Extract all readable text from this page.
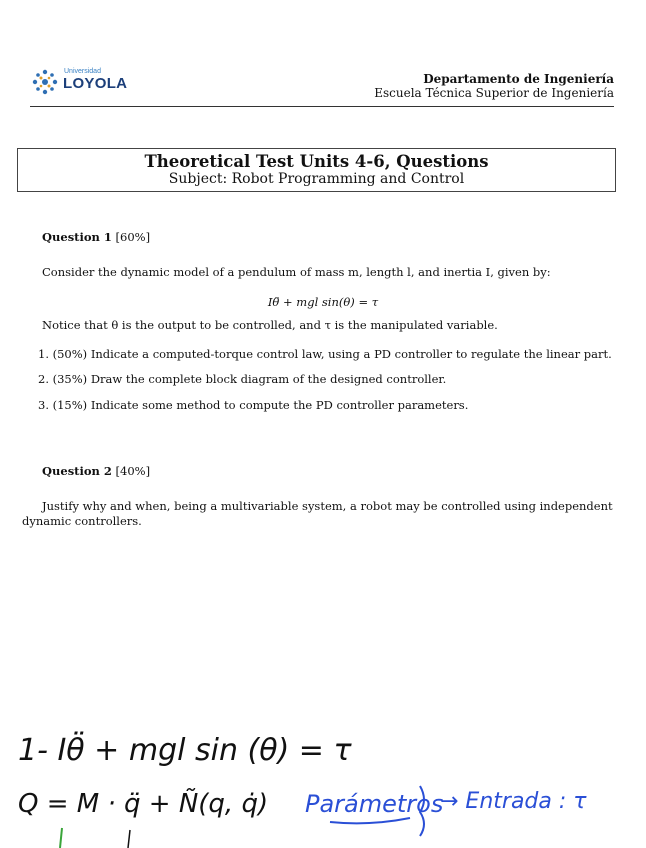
Universidad
LOYOLA	Departamento de Ingeniería
Escuela Técnica Superior de Ingeniería
Theoretical Test Units 4-6, Questions
Subject: Robot Programming and Control
Question 1 [60%]
Consider the dynamic model of a pendulum of mass m, length l, and inertia I, given by:
Iθ̈ + mgl sin(θ) = τ
Notice that θ is the output to be controlled, and τ is the manipulated variable.
1. (50%) Indicate a computed-torque control law, using a PD controller to regulate the linear part.
2. (35%) Draw the complete block diagram of the designed controller.
3. (15%) Indicate some method to compute the PD controller parameters.
Question 2 [40%]
Justify why and when, being a multivariable system, a robot may be controlled using independent
dynamic controllers.
1- Iθ̈ + mgl sin (θ) = τ
Q = M · q̈ + Ñ(q, q̇) Parámetros
→ Entrada : τ
